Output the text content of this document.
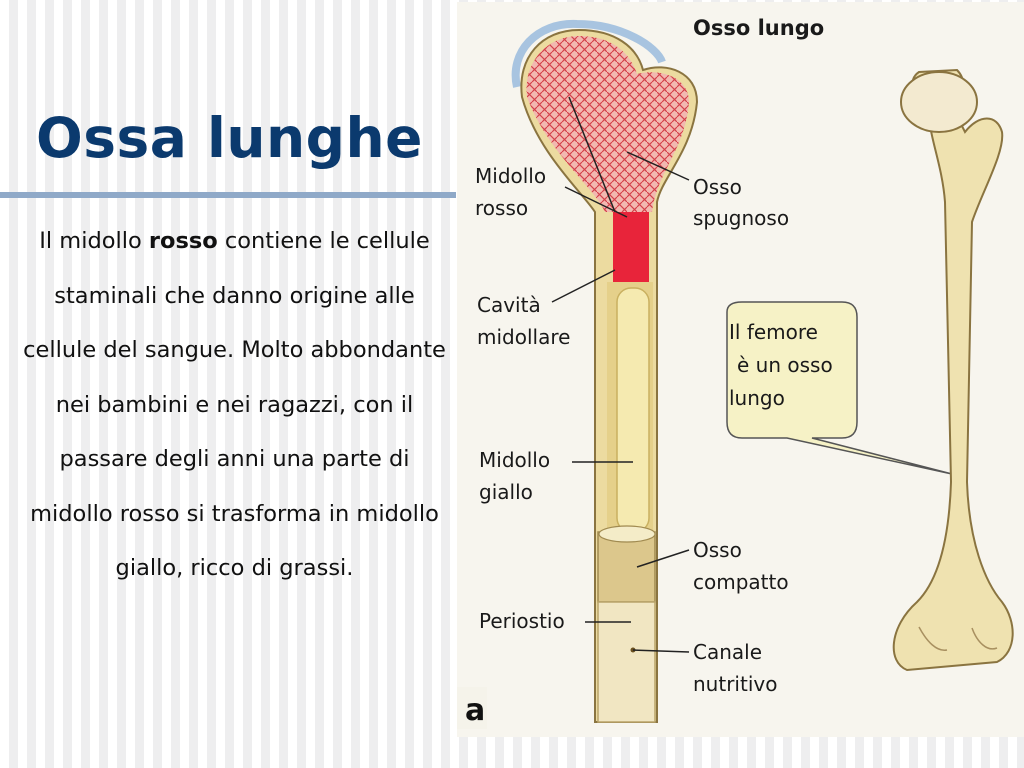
Ossa lunghe
Il midollo rosso contiene le cellule staminali che danno origine alle cellule del sangue. Molto abbondante nei bambini e nei ragazzi, con il passare degli anni una parte di midollo rosso si trasforma in midollo giallo, ricco di grassi.
Osso lungo
Midollo
rosso
Osso
spugnoso
Cavità
midollare
Midollo
giallo
Osso
compatto
Periostio
Canale
nutritivo
Il femore
è un osso
lungo
a
